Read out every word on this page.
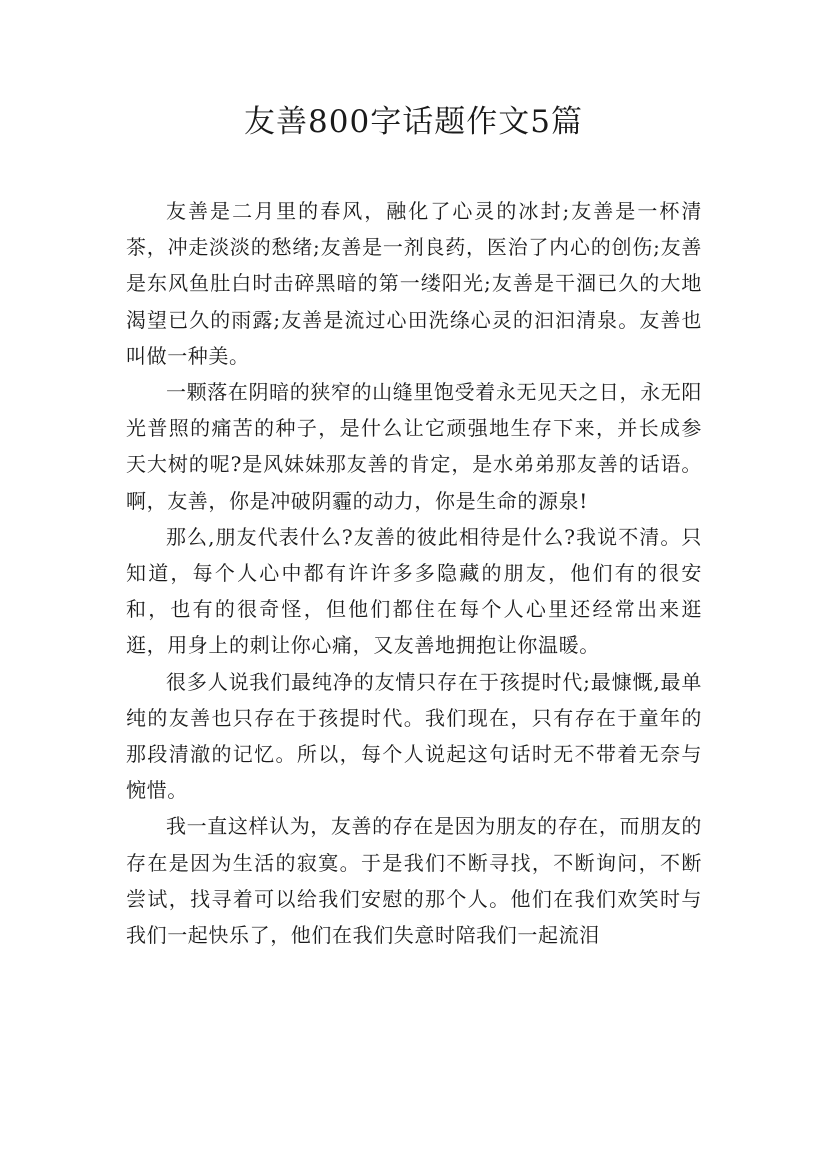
友善800字话题作文5篇

友善是二月里的春风，融化了心灵的冰封;友善是一杯清茶，冲走淡淡的愁绪;友善是一剂良药，医治了内心的创伤;友善是东风鱼肚白时击碎黑暗的第一缕阳光;友善是干涸已久的大地渴望已久的雨露;友善是流过心田洗绦心灵的汩汩清泉。友善也叫做一种美。

一颗落在阴暗的狭窄的山缝里饱受着永无见天之日，永无阳光普照的痛苦的种子，是什么让它顽强地生存下来，并长成参天大树的呢?是风妹妹那友善的肯定，是水弟弟那友善的话语。啊，友善，你是冲破阴霾的动力，你是生命的源泉!

那么,朋友代表什么?友善的彼此相待是什么?我说不清。只知道，每个人心中都有许许多多隐藏的朋友，他们有的很安和，也有的很奇怪，但他们都住在每个人心里还经常出来逛逛，用身上的刺让你心痛，又友善地拥抱让你温暖。

很多人说我们最纯净的友情只存在于孩提时代;最慷慨,最单纯的友善也只存在于孩提时代。我们现在，只有存在于童年的那段清澈的记忆。所以，每个人说起这句话时无不带着无奈与惋惜。

我一直这样认为，友善的存在是因为朋友的存在，而朋友的存在是因为生活的寂寞。于是我们不断寻找，不断询问，不断尝试，找寻着可以给我们安慰的那个人。他们在我们欢笑时与我们一起快乐了，他们在我们失意时陪我们一起流泪
